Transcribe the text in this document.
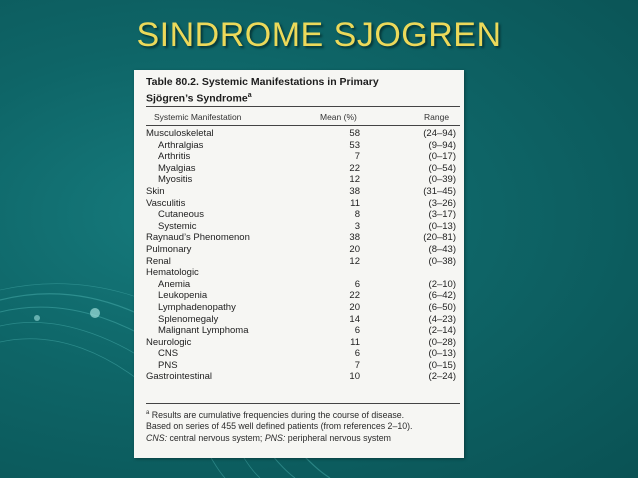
SINDROME SJOGREN
Table 80.2. Systemic Manifestations in Primary
Sjögren’s Syndrome$^a$
Systemic Manifestation	Mean (%)	Range
Musculoskeletal	58	(24–94)
Arthralgias	53	(9–94)
Arthritis	7	(0–17)
Myalgias	22	(0–54)
Myositis	12	(0–39)
Skin	38	(31–45)
Vasculitis	11	(3–26)
Cutaneous	8	(3–17)
Systemic	3	(0–13)
Raynaud’s Phenomenon	38	(20–81)
Pulmonary	20	(8–43)
Renal	12	(0–38)
Hematologic
Anemia	6	(2–10)
Leukopenia	22	(6–42)
Lymphadenopathy	20	(6–50)
Splenomegaly	14	(4–23)
Malignant Lymphoma	6	(2–14)
Neurologic	11	(0–28)
CNS	6	(0–13)
PNS	7	(0–15)
Gastrointestinal	10	(2–24)
$^a$ Results are cumulative frequencies during the course of disease.
Based on series of 455 well defined patients (from references 2–10).
CNS: central nervous system; PNS: peripheral nervous system
